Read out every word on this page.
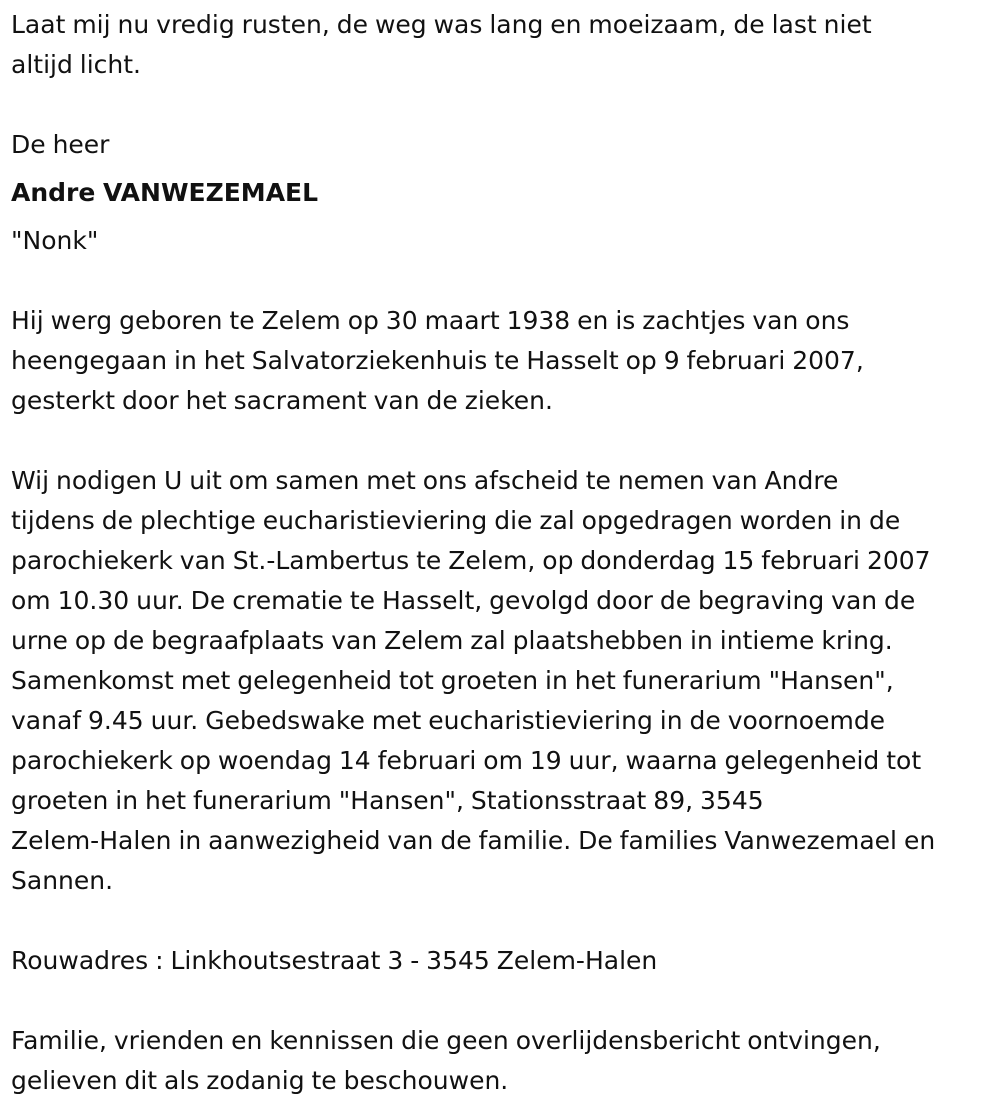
Laat mij nu vredig rusten, de weg was lang en moeizaam, de last niet

altijd licht.

De heer

Andre VANWEZEMAEL

"Nonk"

Hij werg geboren te Zelem op 30 maart 1938 en is zachtjes van ons

heengegaan in het Salvatorziekenhuis te Hasselt op 9 februari 2007,

gesterkt door het sacrament van de zieken.

Wij nodigen U uit om samen met ons afscheid te nemen van Andre

tijdens de plechtige eucharistieviering die zal opgedragen worden in de

parochiekerk van St.-Lambertus te Zelem, op donderdag 15 februari 2007

om 10.30 uur. De crematie te Hasselt, gevolgd door de begraving van de

urne op de begraafplaats van Zelem zal plaatshebben in intieme kring.

Samenkomst met gelegenheid tot groeten in het funerarium "Hansen",

vanaf 9.45 uur. Gebedswake met eucharistieviering in de voornoemde

parochiekerk op woendag 14 februari om 19 uur, waarna gelegenheid tot

groeten in het funerarium "Hansen", Stationsstraat 89, 3545

Zelem-Halen in aanwezigheid van de familie. De families Vanwezemael en

Sannen.

Rouwadres : Linkhoutsestraat 3 - 3545 Zelem-Halen

Familie, vrienden en kennissen die geen overlijdensbericht ontvingen,

gelieven dit als zodanig te beschouwen.
